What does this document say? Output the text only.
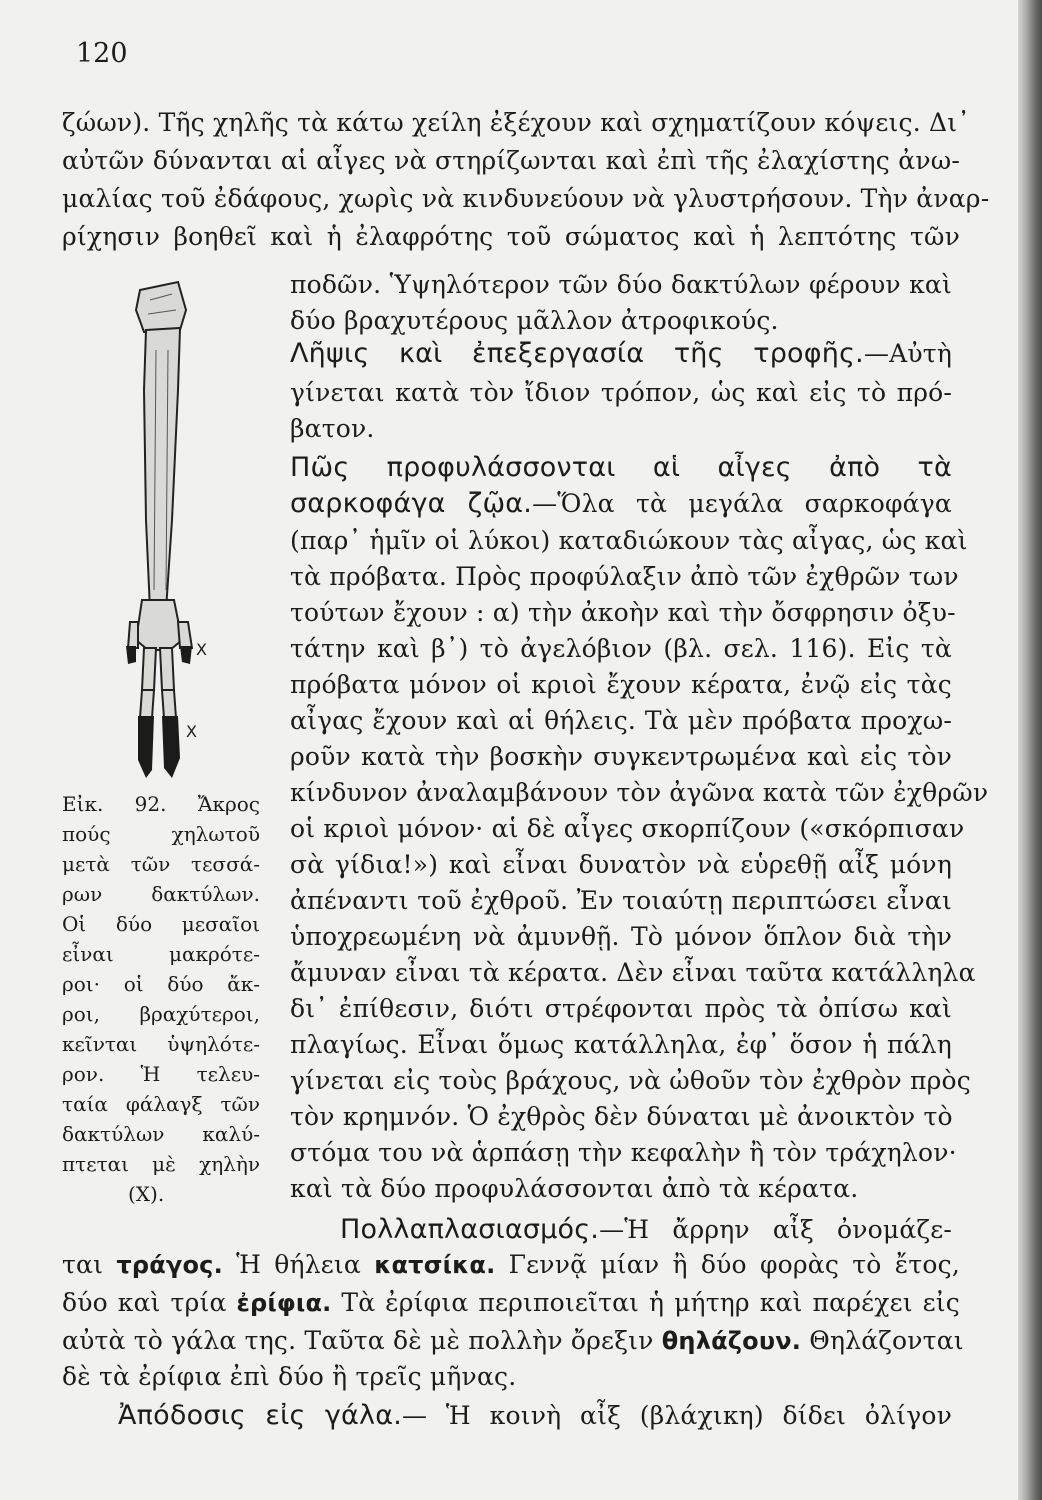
120
ζώων). Τῆς χηλῆς τὰ κάτω χείλη ἐξέχουν καὶ σχηματίζουν κόψεις. Δι᾽
αὐτῶν δύνανται αἱ αἶγες νὰ στηρίζωνται καὶ ἐπὶ τῆς ἐλαχίστης ἀνω-
μαλίας τοῦ ἐδάφους, χωρὶς νὰ κινδυνεύουν νὰ γλυστρήσουν. Τὴν ἀναρ-
ρίχησιν βοηθεῖ καὶ ἡ ἐλαφρότης τοῦ σώματος καὶ ἡ λεπτότης τῶν
ποδῶν. Ὑψηλότερον τῶν δύο δακτύλων φέρουν καὶ
δύο βραχυτέρους μᾶλλον ἀτροφικούς.
Λῆψις καὶ ἐπεξεργασία τῆς τροφῆς.—Αὐτὴ
γίνεται κατὰ τὸν ἴδιον τρόπον, ὡς καὶ εἰς τὸ πρό-
βατον.
Πῶς προφυλάσσονται αἱ αἶγες ἀπὸ τὰ
σαρκοφάγα ζῷα.—Ὅλα τὰ μεγάλα σαρκοφάγα
(παρ᾽ ἡμῖν οἱ λύκοι) καταδιώκουν τὰς αἶγας, ὡς καὶ
τὰ πρόβατα. Πρὸς προφύλαξιν ἀπὸ τῶν ἐχθρῶν των
τούτων ἔχουν : α) τὴν ἀκοὴν καὶ τὴν ὄσφρησιν ὀξυ-
τάτην καὶ β᾽) τὸ ἀγελόβιον (βλ. σελ. 116). Εἰς τὰ
πρόβατα μόνον οἱ κριοὶ ἔχουν κέρατα, ἐνῷ εἰς τὰς
αἶγας ἔχουν καὶ αἱ θήλεις. Τὰ μὲν πρόβατα προχω-
ροῦν κατὰ τὴν βοσκὴν συγκεντρωμένα καὶ εἰς τὸν
κίνδυνον ἀναλαμβάνουν τὸν ἀγῶνα κατὰ τῶν ἐχθρῶν
οἱ κριοὶ μόνον· αἱ δὲ αἶγες σκορπίζουν («σκόρπισαν
σὰ γίδια!») καὶ εἶναι δυνατὸν νὰ εὑρεθῇ αἶξ μόνη
ἀπέναντι τοῦ ἐχθροῦ. Ἐν τοιαύτῃ περιπτώσει εἶναι
ὑποχρεωμένη νὰ ἀμυνθῇ. Τὸ μόνον ὅπλον διὰ τὴν
ἄμυναν εἶναι τὰ κέρατα. Δὲν εἶναι ταῦτα κατάλληλα
δι᾽ ἐπίθεσιν, διότι στρέφονται πρὸς τὰ ὀπίσω καὶ
πλαγίως. Εἶναι ὅμως κατάλληλα, ἐφ᾽ ὅσον ἡ πάλη
γίνεται εἰς τοὺς βράχους, νὰ ὠθοῦν τὸν ἐχθρὸν πρὸς
τὸν κρημνόν. Ὁ ἐχθρὸς δὲν δύναται μὲ ἀνοικτὸν τὸ
στόμα του νὰ ἁρπάσῃ τὴν κεφαλὴν ἢ τὸν τράχηλον·
καὶ τὰ δύο προφυλάσσονται ἀπὸ τὰ κέρατα.
X
X
Εἰκ. 92. Ἄκρος
πούς χηλωτοῦ
μετὰ τῶν τεσσά-
ρων δακτύλων.
Οἱ δύο μεσαῖοι
εἶναι μακρότε-
ροι· οἱ δύο ἄκ-
ροι, βραχύτεροι,
κεῖνται ὑψηλότε-
ρον. Ἡ τελευ-
ταία φάλαγξ τῶν
δακτύλων καλύ-
πτεται μὲ χηλὴν
(Χ).
Πολλαπλασιασμός.—Ἡ ἄρρην αἶξ ὀνομάζε-
ται τράγος. Ἡ θήλεια κατσίκα. Γεννᾷ μίαν ἢ δύο φορὰς τὸ ἔτος,
δύο καὶ τρία ἐρίφια. Τὰ ἐρίφια περιποιεῖται ἡ μήτηρ καὶ παρέχει εἰς
αὐτὰ τὸ γάλα της. Ταῦτα δὲ μὲ πολλὴν ὄρεξιν θηλάζουν. Θηλάζονται
δὲ τὰ ἐρίφια ἐπὶ δύο ἢ τρεῖς μῆνας.
Ἀπόδοσις εἰς γάλα.— Ἡ κοινὴ αἶξ (βλάχικη) δίδει ὀλίγον
